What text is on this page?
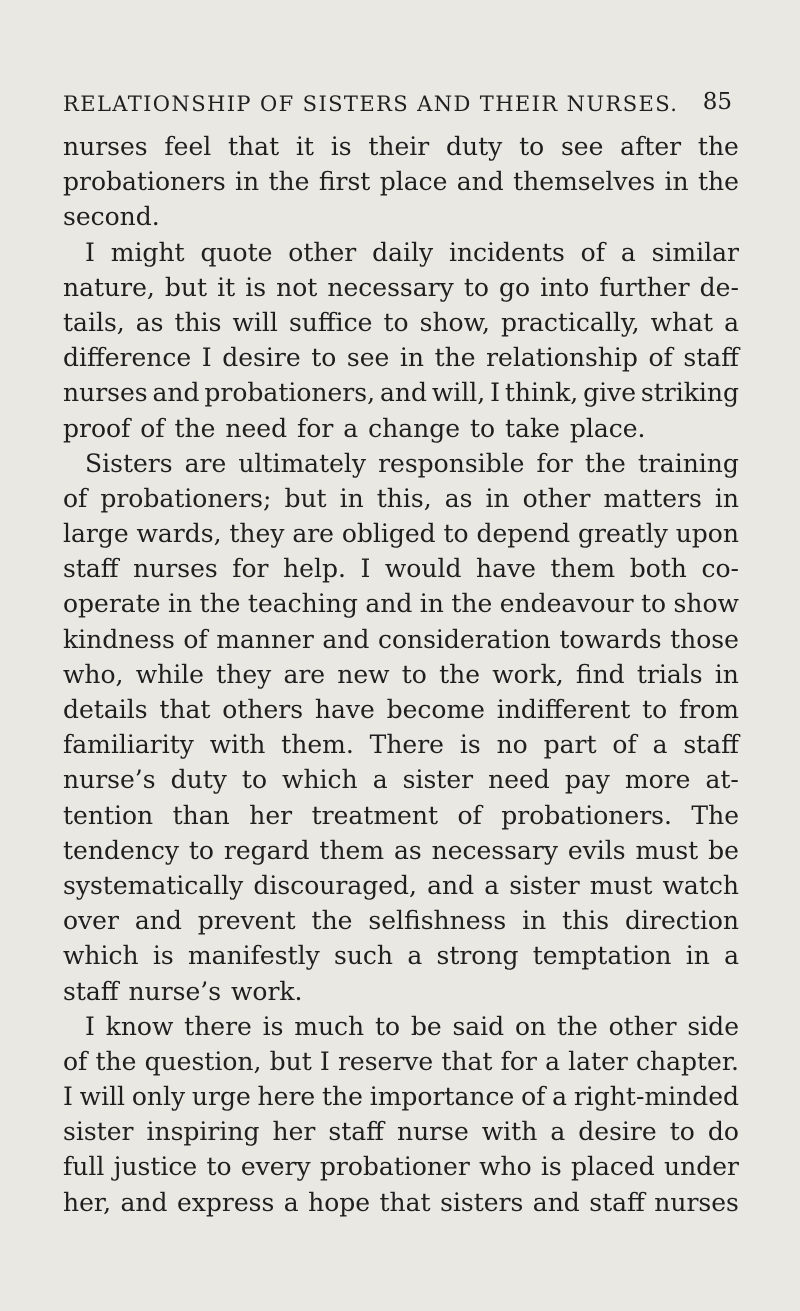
RELATIONSHIP OF SISTERS AND THEIR NURSES. 85
nurses feel that it is their duty to see after the
probationers in the first place and themselves in the
second.
I might quote other daily incidents of a similar
nature, but it is not necessary to go into further de-
tails, as this will suffice to show, practically, what a
difference I desire to see in the relationship of staff
nurses and probationers, and will, I think, give striking
proof of the need for a change to take place.
Sisters are ultimately responsible for the training
of probationers; but in this, as in other matters in
large wards, they are obliged to depend greatly upon
staff nurses for help. I would have them both co-
operate in the teaching and in the endeavour to show
kindness of manner and consideration towards those
who, while they are new to the work, find trials in
details that others have become indifferent to from
familiarity with them. There is no part of a staff
nurse’s duty to which a sister need pay more at-
tention than her treatment of probationers. The
tendency to regard them as necessary evils must be
systematically discouraged, and a sister must watch
over and prevent the selfishness in this direction
which is manifestly such a strong temptation in a
staff nurse’s work.
I know there is much to be said on the other side
of the question, but I reserve that for a later chapter.
I will only urge here the importance of a right-minded
sister inspiring her staff nurse with a desire to do
full justice to every probationer who is placed under
her, and express a hope that sisters and staff nurses
